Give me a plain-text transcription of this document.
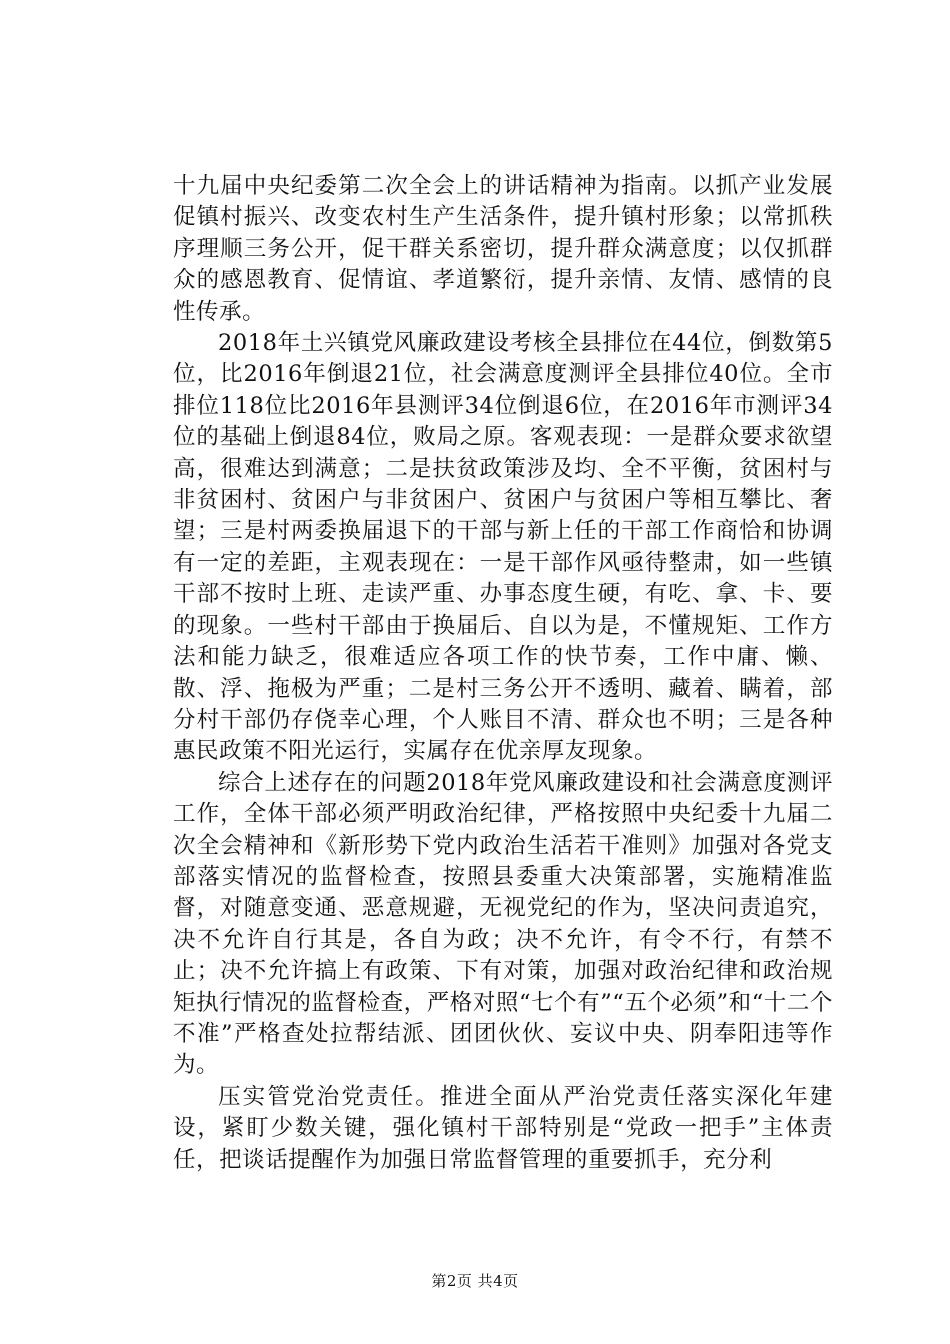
十九届中央纪委第二次全会上的讲话精神为指南。以抓产业发展促镇村振兴、改变农村生产生活条件，提升镇村形象；以常抓秩序理顺三务公开，促干群关系密切，提升群众满意度；以仅抓群众的感恩教育、促情谊、孝道繁衍，提升亲情、友情、感情的良性传承。

2018年土兴镇党风廉政建设考核全县排位在44位，倒数第5位，比2016年倒退21位，社会满意度测评全县排位40位。全市排位118位比2016年县测评34位倒退6位，在2016年市测评34位的基础上倒退84位，败局之原。客观表现：一是群众要求欲望高，很难达到满意；二是扶贫政策涉及均、全不平衡，贫困村与非贫困村、贫困户与非贫困户、贫困户与贫困户等相互攀比、奢望；三是村两委换届退下的干部与新上任的干部工作商恰和协调有一定的差距，主观表现在：一是干部作风亟待整肃，如一些镇干部不按时上班、走读严重、办事态度生硬，有吃、拿、卡、要的现象。一些村干部由于换届后、自以为是，不懂规矩、工作方法和能力缺乏，很难适应各项工作的快节奏，工作中庸、懒、散、浮、拖极为严重；二是村三务公开不透明、藏着、瞒着，部分村干部仍存侥幸心理，个人账目不清、群众也不明；三是各种惠民政策不阳光运行，实属存在优亲厚友现象。

综合上述存在的问题2018年党风廉政建设和社会满意度测评工作，全体干部必须严明政治纪律，严格按照中央纪委十九届二次全会精神和《新形势下党内政治生活若干准则》加强对各党支部落实情况的监督检查，按照县委重大决策部署，实施精准监督，对随意变通、恶意规避，无视党纪的作为，坚决问责追究，决不允许自行其是，各自为政；决不允许，有令不行，有禁不止；决不允许搞上有政策、下有对策，加强对政治纪律和政治规矩执行情况的监督检查，严格对照“七个有”“五个必须”和“十二个不准”严格查处拉帮结派、团团伙伙、妄议中央、阴奉阳违等作为。

压实管党治党责任。推进全面从严治党责任落实深化年建设，紧盯少数关键，强化镇村干部特别是“党政一把手”主体责任，把谈话提醒作为加强日常监督管理的重要抓手，充分利

第2页 共4页
